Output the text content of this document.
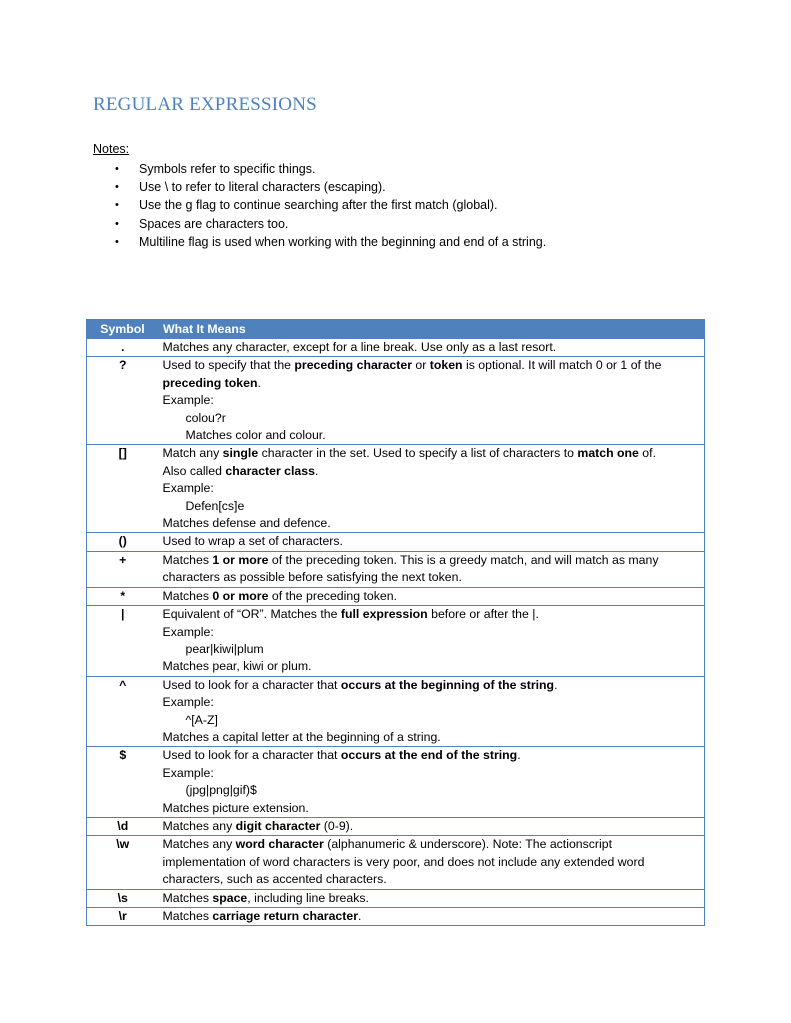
REGULAR EXPRESSIONS
Notes:
• Symbols refer to specific things.
• Use \ to refer to literal characters (escaping).
• Use the g flag to continue searching after the first match (global).
• Spaces are characters too.
• Multiline flag is used when working with the beginning and end of a string.
Symbol	What It Means
.	Matches any character, except for a line break. Use only as a last resort.

?	Used to specify that the preceding character or token is optional. It will match 0 or 1 of the
preceding token.
Example:
colou?r
Matches color and colour.

[]	Match any single character in the set. Used to specify a list of characters to match one of.
Also called character class.
Example:
Defen[cs]e
Matches defense and defence.

()	Used to wrap a set of characters.

+	Matches 1 or more of the preceding token. This is a greedy match, and will match as many
characters as possible before satisfying the next token.

*	Matches 0 or more of the preceding token.

|	Equivalent of “OR”. Matches the full expression before or after the |.
Example:
pear|kiwi|plum
Matches pear, kiwi or plum.

^	Used to look for a character that occurs at the beginning of the string.
Example:
^[A-Z]
Matches a capital letter at the beginning of a string.

$	Used to look for a character that occurs at the end of the string.
Example:
(jpg|png|gif)$
Matches picture extension.

\d	Matches any digit character (0-9).

\w	Matches any word character (alphanumeric & underscore). Note: The actionscript
implementation of word characters is very poor, and does not include any extended word
characters, such as accented characters.

\s	Matches space, including line breaks.

\r	Matches carriage return character.
